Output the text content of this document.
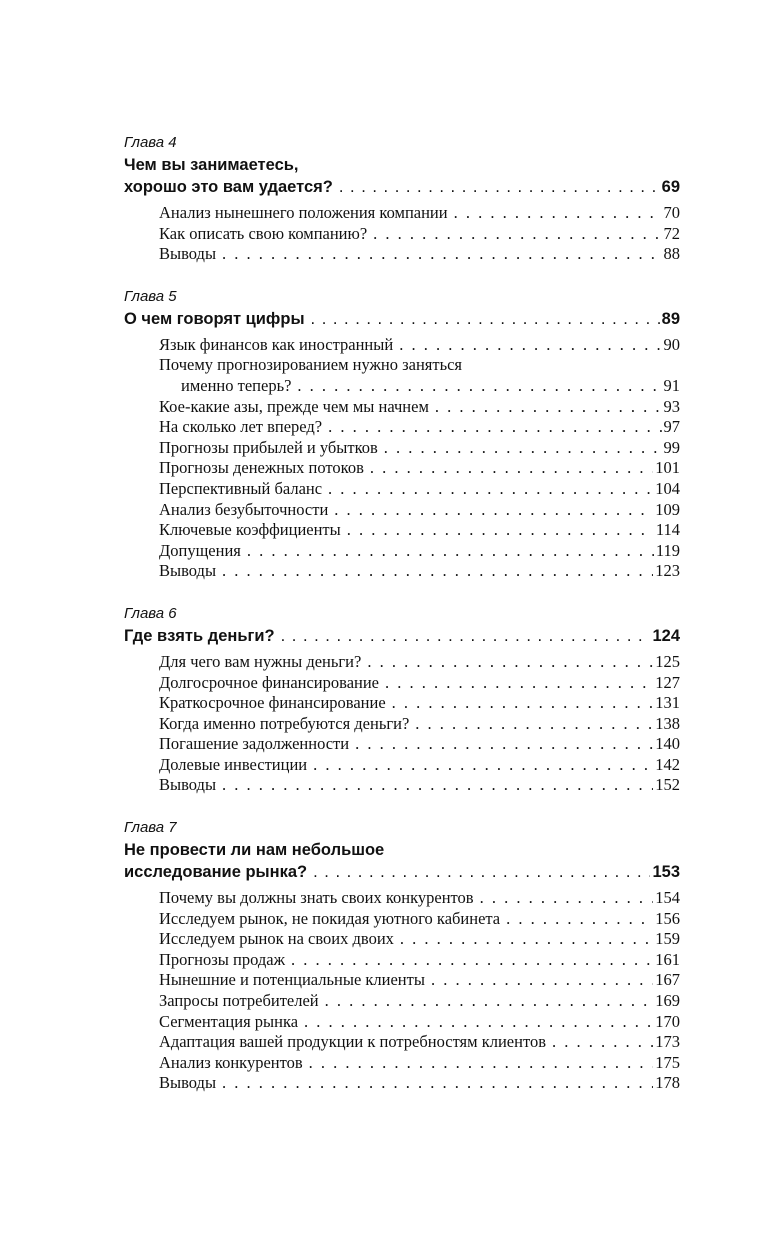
Глава 4
Чем вы занимаетесь,
хорошо это вам удается? . . .	69
Анализ нынешнего положения компании . . .	70
Как описать свою компанию? . . .	72
Выводы . . .	88
Глава 5
О чем говорят цифры . . .	89
Язык финансов как иностранный . . .	90
Почему прогнозированием нужно заняться
именно теперь? . . .	91
Кое-какие азы, прежде чем мы начнем . . .	93
На сколько лет вперед? . . .	97
Прогнозы прибылей и убытков . . .	99
Прогнозы денежных потоков . . .	101
Перспективный баланс . . .	104
Анализ безубыточности . . .	109
Ключевые коэффициенты . . .	114
Допущения . . .	119
Выводы . . .	123
Глава 6
Где взять деньги? . . .	124
Для чего вам нужны деньги? . . .	125
Долгосрочное финансирование . . .	127
Краткосрочное финансирование . . .	131
Когда именно потребуются деньги? . . .	138
Погашение задолженности . . .	140
Долевые инвестиции . . .	142
Выводы . . .	152
Глава 7
Не провести ли нам небольшое
исследование рынка? . . .	153
Почему вы должны знать своих конкурентов . . .	154
Исследуем рынок, не покидая уютного кабинета . . .	156
Исследуем рынок на своих двоих . . .	159
Прогнозы продаж . . .	161
Нынешние и потенциальные клиенты . . .	167
Запросы потребителей . . .	169
Сегментация рынка . . .	170
Адаптация вашей продукции к потребностям клиентов . . .	173
Анализ конкурентов . . .	175
Выводы . . .	178
